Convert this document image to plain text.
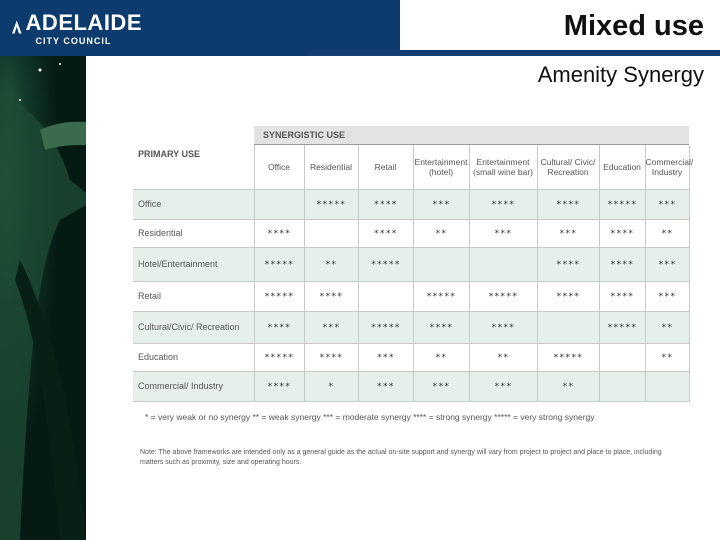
ADELAIDE
CITY COUNCIL	Mixed use
Amenity Synergy
SYNERGISTIC USE
PRIMARY USE	Office	Residential	Retail	Entertainment (hotel)	Entertainment (small wine bar)	Cultural/ Civic/ Recreation	Education	Commercial/ Industry
Office		*****	****	***	****	****	*****	***
Residential	****		****	**	***	***	****	**
Hotel/Entertainment	*****	**	*****			****	****	***
Retail	*****	****		*****	*****	****	****	***
Cultural/Civic/ Recreation	****	***	*****	****	****		*****	**
Education	*****	****	***	**	**	*****		**
Commercial/ Industry	****	*	***	***	***	**		
* = very weak or no synergy ** = weak synergy *** = moderate synergy **** = strong synergy ***** = very strong synergy
Note: The above frameworks are intended only as a general guide as the actual on-site support and synergy will vary from project to project and place to place, including matters such as proximity, size and operating hours.
